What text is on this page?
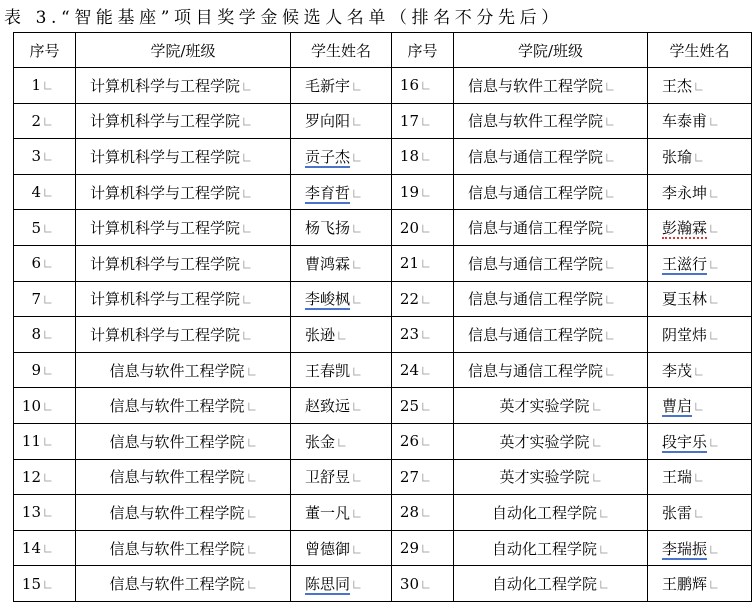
表 3.“智能基座”项目奖学金候选人名单（排名不分先后）
序号	学院/班级	学生姓名	序号	学院/班级	学生姓名
1	计算机科学与工程学院	毛新宇	16	信息与软件工程学院	王杰
2	计算机科学与工程学院	罗向阳	17	信息与软件工程学院	车泰甫
3	计算机科学与工程学院	贡子杰	18	信息与通信工程学院	张瑜
4	计算机科学与工程学院	李育哲	19	信息与通信工程学院	李永坤
5	计算机科学与工程学院	杨飞扬	20	信息与通信工程学院	彭瀚霖
6	计算机科学与工程学院	曹鸿霖	21	信息与通信工程学院	王滋行
7	计算机科学与工程学院	李峻枫	22	信息与通信工程学院	夏玉林
8	计算机科学与工程学院	张逊	23	信息与通信工程学院	阴堂炜
9	信息与软件工程学院	王春凯	24	信息与通信工程学院	李茂
10	信息与软件工程学院	赵致远	25	英才实验学院	曹启
11	信息与软件工程学院	张金	26	英才实验学院	段宇乐
12	信息与软件工程学院	卫舒昱	27	英才实验学院	王瑞
13	信息与软件工程学院	董一凡	28	自动化工程学院	张雷
14	信息与软件工程学院	曾德御	29	自动化工程学院	李瑞振
15	信息与软件工程学院	陈思同	30	自动化工程学院	王鹏辉
